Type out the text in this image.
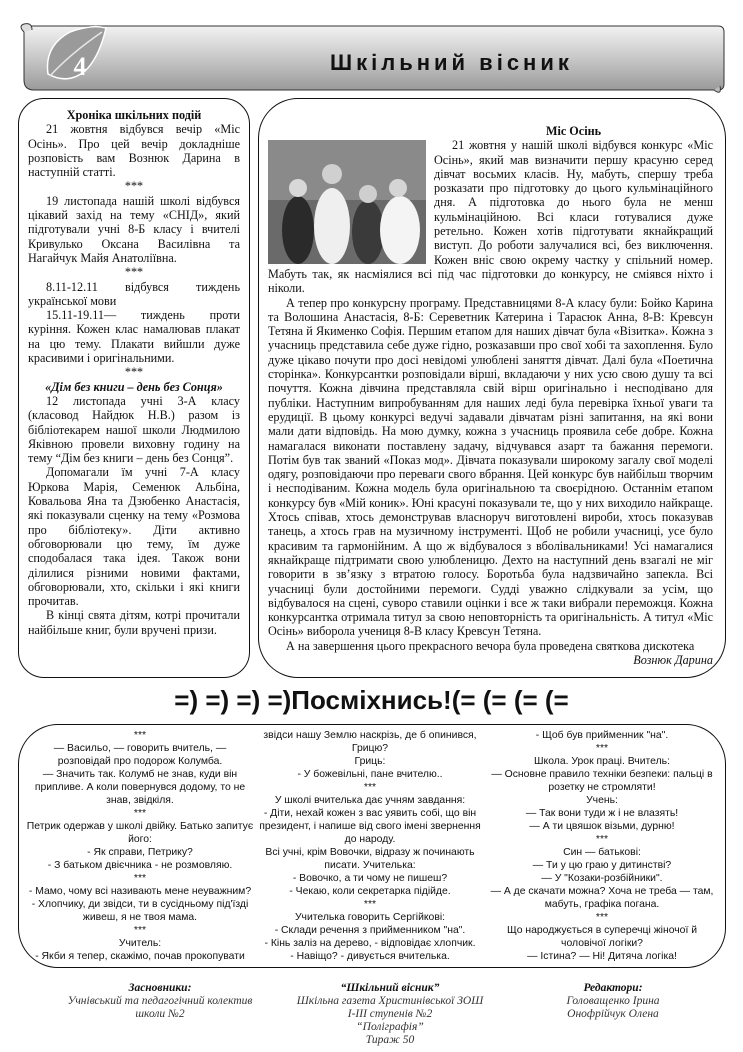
4	Шкільний вісник

Хроніка шкільних подій

21 жовтня відбувся вечір «Міс Осінь». Про цей вечір докладніше розповість вам Вознюк Дарина в наступній статті.

***

19 листопада нашій школі відбувся цікавий захід на тему «СНІД», який підготували учні 8-Б класу і вчителі Кривулько Оксана Василівна та Нагайчук Майя Анатоліївна.

***

8.11-12.11 відбувся тиждень української мови

15.11-19.11— тиждень проти куріння. Кожен клас намалював плакат на цю тему. Плакати вийшли дуже красивими і оригінальними.

***

«Дім без книги – день без Сонця»

12 листопада учні 3-А класу (класовод Найдюк Н.В.) разом із бібліотекарем нашої школи Людмилою Яківною провели виховну годину на тему “Дім без книги – день без Сонця”.

Допомагали їм учні 7-А класу Юркова Марія, Семенюк Альбіна, Ковальова Яна та Дзюбенко Анастасія, які показували сценку на тему «Розмова про бібліотеку». Діти активно обговорювали цю тему, їм дуже сподобалася така ідея. Також вони ділилися різними новими фактами, обговорювали, хто, скільки і які книги прочитав.

В кінці свята дітям, котрі прочитали найбільше книг, були вручені призи.

Міс Осінь

21 жовтня у нашій школі відбувся конкурс «Міс Осінь», який мав визначити першу красуню серед дівчат восьмих класів. Ну, мабуть, спершу треба розказати про підготовку до цього кульмінаційного дня. А підготовка до нього була не менш кульмінаційною. Всі класи готувалися дуже ретельно. Кожен хотів підготувати якнайкращий виступ. До роботи залучалися всі, без виключення. Кожен вніс свою окрему частку у спільний номер. Мабуть так, як насміялися всі під час підготовки до конкурсу, не сміявся ніхто і ніколи.

А тепер про конкурсну програму. Представницями 8-А класу були: Бойко Карина та Волошина Анастасія, 8-Б: Серевeтник Катерина і Тарасюк Анна, 8-В: Кревсун Тетяна й Якименко Софія. Першим етапом для наших дівчат була «Візитка». Кожна з учасниць представила себе дуже гідно, розказавши про свої хобі та захоплення. Було дуже цікаво почути про досі невідомі улюблені заняття дівчат. Далі була «Поетична сторінка». Конкурсантки розповідали вірші, вкладаючи у них усю свою душу та всі почуття. Кожна дівчина представляла свій вірш оригінально і несподівано для публіки. Наступним випробуванням для наших леді була перевірка їхньої уваги та ерудиції. В цьому конкурсі ведучі задавали дівчатам різні запитання, на які вони мали дати відповідь. На мою думку, кожна з учасниць проявила себе добре. Кожна намагалася виконати поставлену задачу, відчувався азарт та бажання перемоги. Потім був так званий «Показ мод». Дівчата показували широкому загалу свої моделі одягу, розповідаючи про переваги свого вбрання. Цей конкурс був найбільш творчим і несподіваним. Кожна модель була оригінальною та своєрідною. Останнім етапом конкурсу був «Мій коник». Юні красуні показували те, що у них виходило найкраще. Хтось співав, хтось демонстрував власноруч виготовлені вироби, хтось показував танець, а хтось грав на музичному інструменті. Щоб не робили учасниці, усе було красивим та гармонійним. А що ж відбувалося з вболівальниками! Усі намагалися якнайкраще підтримати свою улюбленицю. Дехто на наступний день взагалі не міг говорити в зв’язку з втратою голосу. Боротьба була надзвичайно запекла. Всі учасниці були достойними перемоги. Судді уважно слідкували за усім, що відбувалося на сцені, суворо ставили оцінки і все ж таки вибрали переможця. Кожна конкурсантка отримала титул за свою неповторність та оригінальність. А титул «Міс Осінь» виборола учениця 8-В класу Кревсун Тетяна.

А на завершення цього прекрасного вечора була проведена святкова дискотека

Вознюк Дарина

=) =) =) =)Посміхнись!(= (= (= (=

***

— Васильо, — говорить вчитель, — розповідай про подорож Колумба.

— Значить так. Колумб не знав, куди він припливе. А коли повернувся додому, то не знав, звідкіля.

***

Петрик одержав у школі двійку. Батько запитує його:

- Як справи, Петрику?

- З батьком двієчника - не розмовляю.

***

- Мамо, чому всі називають мене неуважним?

- Хлопчику, ди звідси, ти в сусідньому під'їзді живеш, я не твоя мама.

***

Учитель:

- Якби я тепер, скажімо, почав прокопувати

звідси нашу Землю наскрізь, де б опинився, Грицю?

Гриць:

- У божевільні, пане вчителю..

***

У школі вчителька дає учням завдання:

- Діти, нехай кожен з вас уявить собі, що він президент, і напише від свого імені звернення до народу.

Всі учні, крім Вовочки, відразу ж починають писати. Учителька:

- Вовочко, а ти чому не пишеш?

- Чекаю, коли секретарка підійде.

***

Учителька говорить Сергійкові:

- Склади речення з прийменником "на".

- Кінь заліз на дерево, - відповідає хлопчик.

- Навіщо? - дивується вчителька.

- Щоб був прийменник "на".

***

Школа. Урок праці. Вчитель:

— Основне правило техніки безпеки: пальці в розетку не стромляти!

Учень:

— Так вони туди ж і не влазять!

— А ти цвяшок візьми, дурню!

***

Син — батькові:

— Ти у цю граю у дитинстві?

— У "Козаки-розбійники".

— А де скачати можна? Хоча не треба — там, мабуть, графіка погана.

***

Що народжується в суперечці жіночої й чоловічої логіки?

— Істина? — Ні! Дитяча логіка!

Засновники:
Учнівський та педагогічний колектив школи №2
“Шкільний вісник”
Шкільна газета Христинівської ЗОШ
І-ІІІ ступенів №2
“Поліграфія”
Тираж 50
Редактори:
Головащенко Ірина
Онофрійчук Олена
